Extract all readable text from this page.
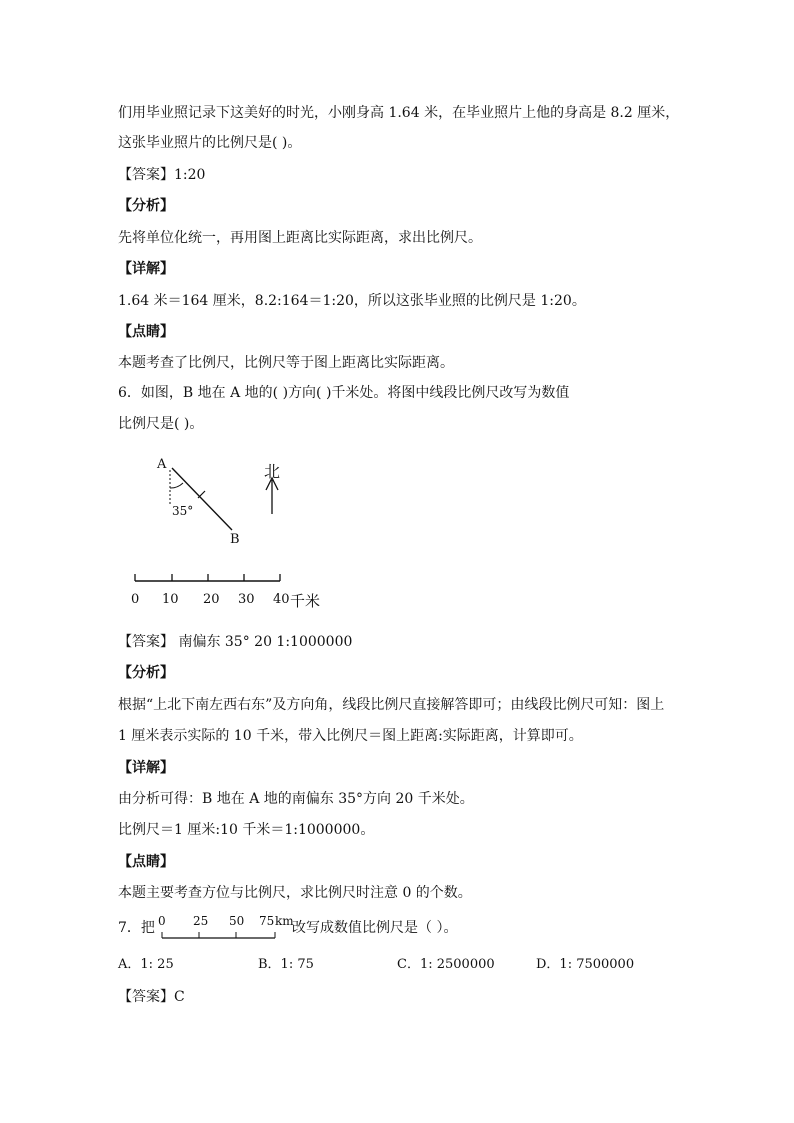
们用毕业照记录下这美好的时光，小刚身高 1.64 米，在毕业照片上他的身高是 8.2 厘米，
这张毕业照片的比例尺是( )。
【答案】1:20
【分析】
先将单位化统一，再用图上距离比实际距离，求出比例尺。
【详解】
1.64 米＝164 厘米，8.2:164＝1:20，所以这张毕业照的比例尺是 1:20。
【点睛】
本题考查了比例尺，比例尺等于图上距离比实际距离。
6．如图，B 地在 A 地的( )方向( )千米处。将图中线段比例尺改写为数值
比例尺是( )。
A
B
35°
北
0 10 20 30 40 千米
【答案】 南偏东 35° 20 1:1000000
【分析】
根据“上北下南左西右东”及方向角，线段比例尺直接解答即可；由线段比例尺可知：图上
1 厘米表示实际的 10 千米，带入比例尺＝图上距离:实际距离，计算即可。
【详解】
由分析可得：B 地在 A 地的南偏东 35°方向 20 千米处。
比例尺＝1 厘米:10 千米＝1:1000000。
【点睛】
本题主要考查方位与比例尺，求比例尺时注意 0 的个数。
7．把 0 25 50 75 km
改写成数值比例尺是（ ）。
A．1: 25	B．1: 75	C．1: 2500000	D．1: 7500000
【答案】C
